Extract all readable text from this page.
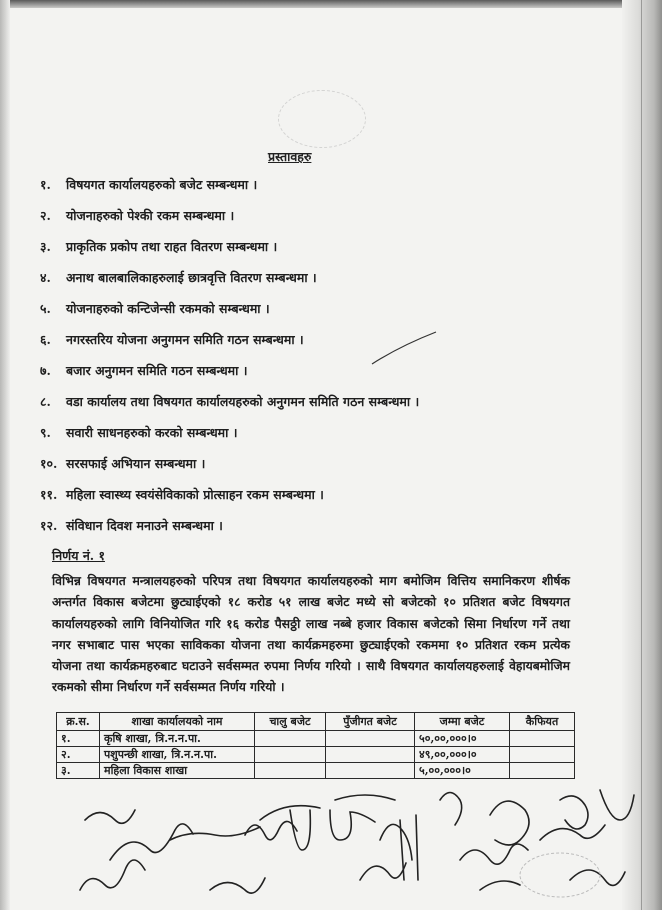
प्रस्तावहरु
१. विषयगत कार्यालयहरुको बजेट सम्बन्धमा ।
२. योजनाहरुको पेश्की रकम सम्बन्धमा ।
३. प्राकृतिक प्रकोप तथा राहत वितरण सम्बन्धमा ।
४. अनाथ बालबालिकाहरुलाई छात्रवृत्ति वितरण सम्बन्धमा ।
५. योजनाहरुको कन्टिजेन्सी रकमको सम्बन्धमा ।
६. नगरस्तरिय योजना अनुगमन समिति गठन सम्बन्धमा ।
७. बजार अनुगमन समिति गठन सम्बन्धमा ।
८. वडा कार्यालय तथा विषयगत कार्यालयहरुको अनुगमन समिति गठन सम्बन्धमा ।
९. सवारी साधनहरुको करको सम्बन्धमा ।
१०. सरसफाई अभियान सम्बन्धमा ।
११. महिला स्वास्थ्य स्वयंसेविकाको प्रोत्साहन रकम सम्बन्धमा ।
१२. संविधान दिवश मनाउने सम्बन्धमा ।
निर्णय नं. १
विभिन्न विषयगत मन्त्रालयहरुको परिपत्र तथा विषयगत कार्यालयहरुको माग बमोजिम वित्तिय समानिकरण शीर्षक अन्तर्गत विकास बजेटमा छुट्याईएको १८ करोड ५१ लाख बजेट मध्ये सो बजेटको १० प्रतिशत बजेट विषयगत कार्यालयहरुको लागि विनियोजित गरि १६ करोड पैसठ्ठी लाख नब्बे हजार विकास बजेटको सिमा निर्धारण गर्ने तथा नगर सभाबाट पास भएका साविकका योजना तथा कार्यक्रमहरुमा छुट्याईएको रकममा १० प्रतिशत रकम प्रत्येक योजना तथा कार्यक्रमहरुबाट घटाउने सर्वसम्मत रुपमा निर्णय गरियो । साथै विषयगत कार्यालयहरुलाई वेहायबमोजिम रकमको सीमा निर्धारण गर्ने सर्वसम्मत निर्णय गरियो ।
क्र.स.	शाखा कार्यालयको नाम	चालु बजेट	पुँजीगत बजेट	जम्मा बजेट	कैफियत
१.	कृषि शाखा, त्रि.न.न.पा.			५०,००,०००।०	
२.	पशुपन्छी शाखा, त्रि.न.न.पा.			४९,००,०००।०	
३.	महिला विकास शाखा			५,००,०००।०	
